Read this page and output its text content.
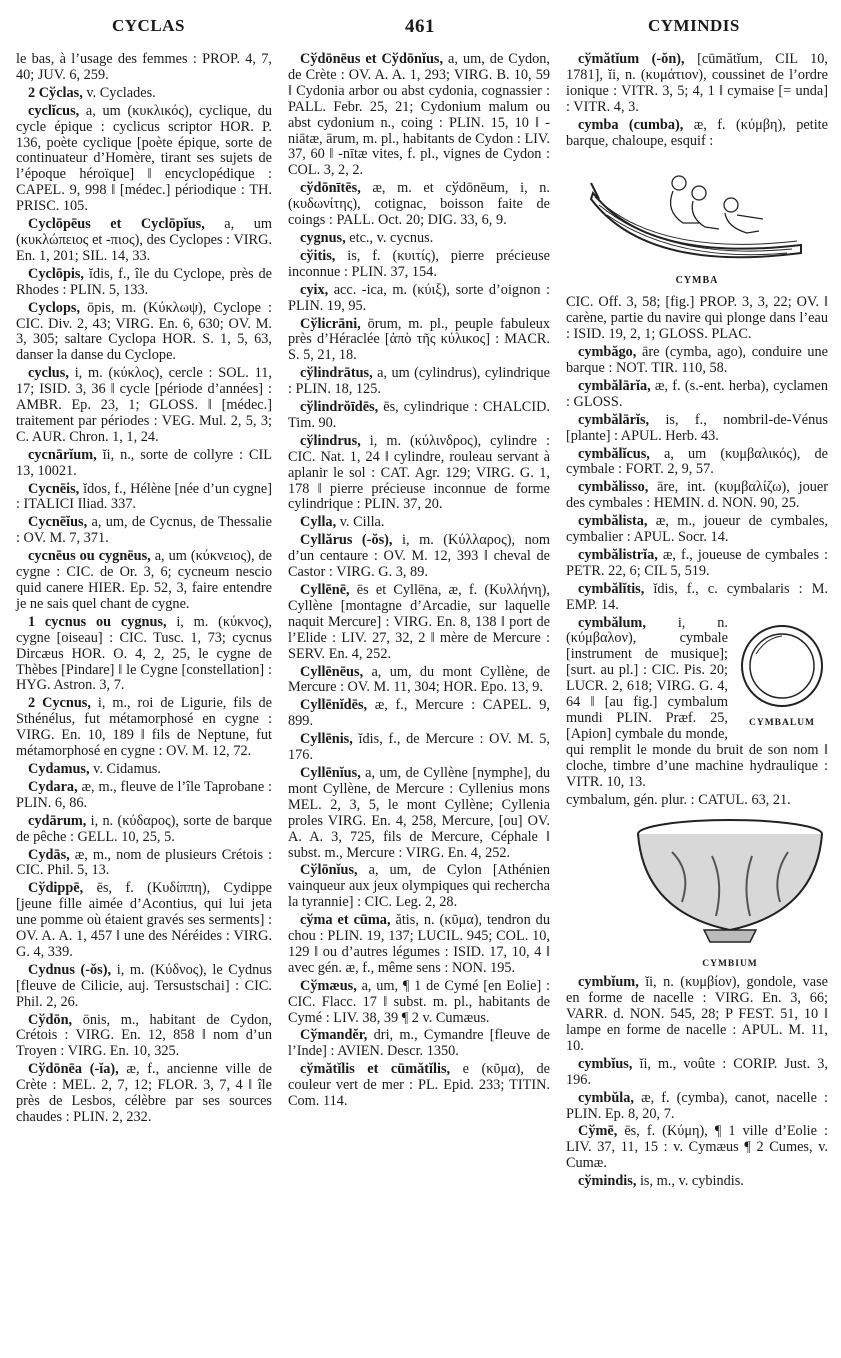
CYCLAS	461	CYMINDIS

le bas, à l’usage des femmes : PROP. 4, 7, 40; JUV. 6, 259.

2 Cўclas, v. Cyclades.

cyclĭcus, a, um (κυκλικός), cyclique, du cycle épique : cyclicus scriptor HOR. P. 136, poète cyclique [poète épique, sorte de continuateur d’Homère, tirant ses sujets de l’époque héroïque] ‖ encyclopédique : CAPEL. 9, 998 ‖ [médec.] périodique : TH. PRISC. 105.

Cyclōpēus et Cyclōpĭus, a, um (κυκλώπειος et -πιος), des Cyclopes : VIRG. En. 1, 201; SIL. 14, 33.

Cyclōpis, ĭdis, f., île du Cyclope, près de Rhodes : PLIN. 5, 133.

Cyclops, ōpis, m. (Κύκλωψ), Cyclope : CIC. Div. 2, 43; VIRG. En. 6, 630; OV. M. 3, 305; saltare Cyclopa HOR. S. 1, 5, 63, danser la danse du Cyclope.

cyclus, i, m. (κύκλος), cercle : SOL. 11, 17; ISID. 3, 36 ‖ cycle [période d’années] : AMBR. Ep. 23, 1; GLOSS. ‖ [médec.] traitement par périodes : VEG. Mul. 2, 5, 3; C. AUR. Chron. 1, 1, 24.

cycnārĭum, ĭi, n., sorte de collyre : CIL 13, 10021.

Cycnēis, ĭdos, f., Hélène [née d’un cygne] : ITALICI Iliad. 337.

Cycnēĭus, a, um, de Cycnus, de Thessalie : OV. M. 7, 371.

cycnēus ou cygnēus, a, um (κύκνειος), de cygne : CIC. de Or. 3, 6; cycneum nescio quid canere HIER. Ep. 52, 3, faire entendre je ne sais quel chant de cygne.

1 cycnus ou cygnus, i, m. (κύκνος), cygne [oiseau] : CIC. Tusc. 1, 73; cycnus Dircæus HOR. O. 4, 2, 25, le cygne de Thèbes [Pindare] ‖ le Cygne [constellation] : HYG. Astron. 3, 7.

2 Cycnus, i, m., roi de Ligurie, fils de Sthénélus, fut métamorphosé en cygne : VIRG. En. 10, 189 ‖ fils de Neptune, fut métamorphosé en cygne : OV. M. 12, 72.

Cydamus, v. Cidamus.

Cydara, æ, m., fleuve de l’île Taprobane : PLIN. 6, 86.

cydārum, i, n. (κύδαρος), sorte de barque de pêche : GELL. 10, 25, 5.

Cydās, æ, m., nom de plusieurs Crétois : CIC. Phil. 5, 13.

Cўdippē, ēs, f. (Κυδίππη), Cydippe [jeune fille aimée d’Acontius, qui lui jeta une pomme où étaient gravés ses serments] : OV. A. A. 1, 457 ‖ une des Néréides : VIRG. G. 4, 339.

Cydnus (-ŏs), i, m. (Κύδνος), le Cydnus [fleuve de Cilicie, auj. Tersustschai] : CIC. Phil. 2, 26.

Cўdōn, ōnis, m., habitant de Cydon, Crétois : VIRG. En. 12, 858 ‖ nom d’un Troyen : VIRG. En. 10, 325.

Cўdōnēa (-ĭa), æ, f., ancienne ville de Crète : MEL. 2, 7, 12; FLOR. 3, 7, 4 ‖ île près de Lesbos, célèbre par ses sources chaudes : PLIN. 2, 232.

Cўdōnēus et Cўdōnĭus, a, um, de Cydon, de Crète : OV. A. A. 1, 293; VIRG. B. 10, 59 ‖ Cydonia arbor ou abst cydonia, cognassier : PALL. Febr. 25, 21; Cydonium malum ou abst cydonium n., coing : PLIN. 15, 10 ‖ -niātæ, ārum, m. pl., habitants de Cydon : LIV. 37, 60 ‖ -nītæ vites, f. pl., vignes de Cydon : COL. 3, 2, 2.

cўdōnītēs, æ, m. et cўdōnēum, i, n. (κυδωνίτης), cotignac, boisson faite de coings : PALL. Oct. 20; DIG. 33, 6, 9.

cygnus, etc., v. cycnus.

cўitis, is, f. (κυιτίς), pierre précieuse inconnue : PLIN. 37, 154.

cyix, acc. -ica, m. (κύιξ), sorte d’oignon : PLIN. 19, 95.

Cўlicrāni, ōrum, m. pl., peuple fabuleux près d’Héraclée [ἀπὸ τῆς κύλικος] : MACR. S. 5, 21, 18.

cўlindrātus, a, um (cylindrus), cylindrique : PLIN. 18, 125.

cўlindrŏīdēs, ēs, cylindrique : CHALCID. Tim. 90.

cўlindrus, i, m. (κύλινδρος), cylindre : CIC. Nat. 1, 24 ‖ cylindre, rouleau servant à aplanir le sol : CAT. Agr. 129; VIRG. G. 1, 178 ‖ pierre précieuse inconnue de forme cylindrique : PLIN. 37, 20.

Cylla, v. Cilla.

Cyllărus (-ŏs), i, m. (Κύλλαρος), nom d’un centaure : OV. M. 12, 393 ‖ cheval de Castor : VIRG. G. 3, 89.

Cyllēnē, ēs et Cyllēna, æ, f. (Κυλλήνη), Cyllène [montagne d’Arcadie, sur laquelle naquit Mercure] : VIRG. En. 8, 138 ‖ port de l’Elide : LIV. 27, 32, 2 ‖ mère de Mercure : SERV. En. 4, 252.

Cyllēnēus, a, um, du mont Cyllène, de Mercure : OV. M. 11, 304; HOR. Epo. 13, 9.

Cyllēnĭdēs, æ, f., Mercure : CAPEL. 9, 899.

Cyllēnis, ĭdis, f., de Mercure : OV. M. 5, 176.

Cyllēnĭus, a, um, de Cyllène [nymphe], du mont Cyllène, de Mercure : Cyllenius mons MEL. 2, 3, 5, le mont Cyllène; Cyllenia proles VIRG. En. 4, 258, Mercure, [ou] OV. A. A. 3, 725, fils de Mercure, Céphale ‖ subst. m., Mercure : VIRG. En. 4, 252.

Cўlōnĭus, a, um, de Cylon [Athénien vainqueur aux jeux olympiques qui rechercha la tyrannie] : CIC. Leg. 2, 28.

cўma et cūma, ătis, n. (κῦμα), tendron du chou : PLIN. 19, 137; LUCIL. 945; COL. 10, 129 ‖ ou d’autres légumes : ISID. 17, 10, 4 ‖ avec gén. æ, f., même sens : NON. 195.

Cўmæus, a, um, ¶ 1 de Cymé [en Eolie] : CIC. Flacc. 17 ‖ subst. m. pl., habitants de Cymé : LIV. 38, 39 ¶ 2 v. Cumæus.

Cўmandĕr, dri, m., Cymandre [fleuve de l’Inde] : AVIEN. Descr. 1350.

cўmătĭlis et cūmătĭlis, e (κῦμα), de couleur vert de mer : PL. Epid. 233; TITIN. Com. 114.

cўmătĭum (-ŏn), [cūmătĭum, CIL 10, 1781], ĭi, n. (κυμάτιον), coussinet de l’ordre ionique : VITR. 3, 5; 4, 1 ‖ cymaise [= unda] : VITR. 4, 3.

cymba (cumba), æ, f. (κύμβη), petite barque, chaloupe, esquif :

CYMBA

CIC. Off. 3, 58; [fig.] PROP. 3, 3, 22; OV. ‖ carène, partie du navire qui plonge dans l’eau : ISID. 19, 2, 1; GLOSS. PLAC.

cymbăgo, āre (cymba, ago), conduire une barque : NOT. TIR. 110, 58.

cymbălārĭa, æ, f. (s.-ent. herba), cyclamen : GLOSS.

cymbălārĭs, is, f., nombril-de-Vénus [plante] : APUL. Herb. 43.

cymbălĭcus, a, um (κυμβαλικός), de cymbale : FORT. 2, 9, 57.

cymbălisso, āre, int. (κυμβαλίζω), jouer des cymbales : HEMIN. d. NON. 90, 25.

cymbălista, æ, m., joueur de cymbales, cymbalier : APUL. Socr. 14.

cymbălistrĭa, æ, f., joueuse de cymbales : PETR. 22, 6; CIL 5, 519.

cymbălĭtis, ĭdis, f., c. cymbalaris : M. EMP. 14.

CYMBALUM

cymbălum, i, n. (κύμβαλον), cymbale [instrument de musique]; [surt. au pl.] : CIC. Pis. 20; LUCR. 2, 618; VIRG. G. 4, 64 ‖ [au fig.] cymbalum mundi PLIN. Præf. 25, [Apion] cymbale du monde, qui remplit le monde du bruit de son nom ‖ cloche, timbre d’une machine hydraulique : VITR. 10, 13.

cymbalum, gén. plur. : CATUL. 63, 21.

CYMBIUM

cymbĭum, ĭi, n. (κυμβίον), gondole, vase en forme de nacelle : VIRG. En. 3, 66; VARR. d. NON. 545, 28; P FEST. 51, 10 ‖ lampe en forme de nacelle : APUL. M. 11, 10.

cymbĭus, ĭi, m., voûte : CORIP. Just. 3, 196.

cymbŭla, æ, f. (cymba), canot, nacelle : PLIN. Ep. 8, 20, 7.

Cўmē, ēs, f. (Κύμη), ¶ 1 ville d’Eolie : LIV. 37, 11, 15 : v. Cymæus ¶ 2 Cumes, v. Cumæ.

cўmindis, is, m., v. cybindis.
